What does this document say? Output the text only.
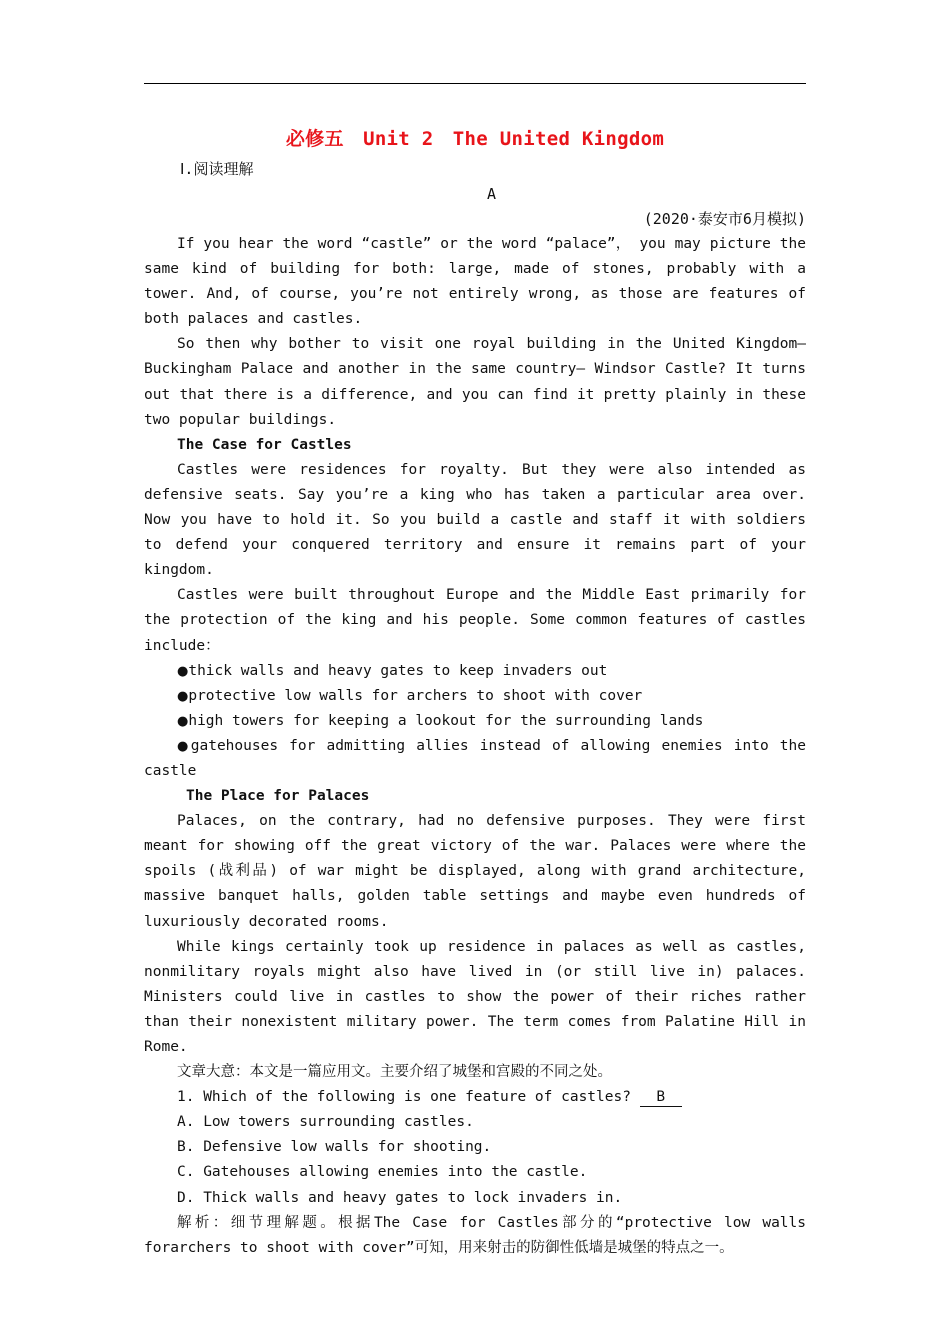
必修五　Unit 2　The United Kingdom
Ⅰ.阅读理解
A
(2020·泰安市6月模拟)

If you hear the word “castle” or the word “palace”， you may picture the same kind of building for both: large, made of stones, probably with a tower. And, of course, you’re not entirely wrong, as those are features of both palaces and castles.

So then why bother to visit one royal building in the United Kingdom—Buckingham Palace and another in the same country— Windsor Castle? It turns out that there is a difference, and you can find it pretty plainly in these two popular buildings.

The Case for Castles

Castles were residences for royalty. But they were also intended as defensive seats. Say you’re a king who has taken a particular area over. Now you have to hold it. So you build a castle and staff it with soldiers to defend your conquered territory and ensure it remains part of your kingdom.

Castles were built throughout Europe and the Middle East primarily for the protection of the king and his people. Some common features of castles include：

●thick walls and heavy gates to keep invaders out

●protective low walls for archers to shoot with cover

●high towers for keeping a lookout for the surrounding lands

●gatehouses for admitting allies instead of allowing enemies into the castle

The Place for Palaces

Palaces, on the contrary, had no defensive purposes. They were first meant for showing off the great victory of the war. Palaces were where the spoils (战利品) of war might be displayed, along with grand architecture, massive banquet halls, golden table settings and maybe even hundreds of luxuriously decorated rooms.

While kings certainly took up residence in palaces as well as castles, nonmilitary royals might also have lived in (or still live in) palaces. Ministers could live in castles to show the power of their riches rather than their nonexistent military power. The term comes from Palatine Hill in Rome.

文章大意：本文是一篇应用文。主要介绍了城堡和宫殿的不同之处。

1. Which of the following is one feature of castles? B

A. Low towers surrounding castles.

B. Defensive low walls for shooting.

C. Gatehouses allowing enemies into the castle.

D. Thick walls and heavy gates to lock invaders in.

解析：细节理解题。根据The Case for Castles部分的“protective low walls forarchers to shoot with cover”可知，用来射击的防御性低墙是城堡的特点之一。
